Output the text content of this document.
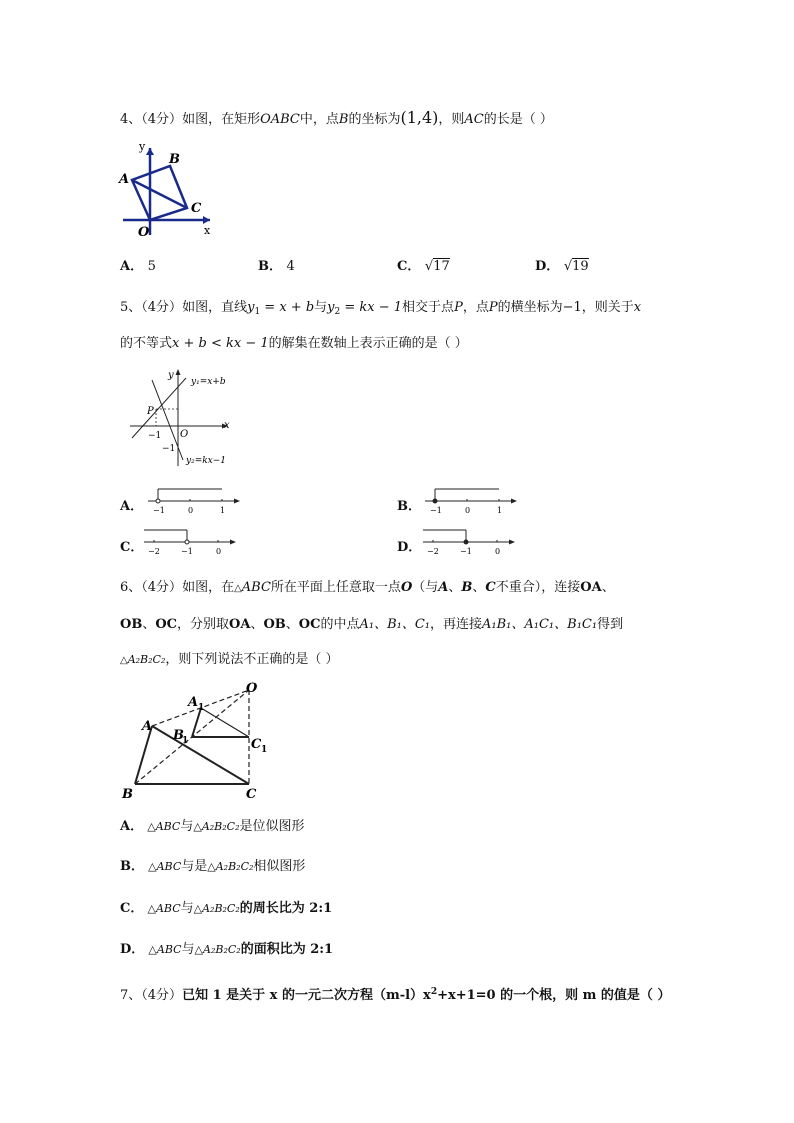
4、（4分）如图，在矩形OABC中，点B的坐标为(1,4)，则AC的长是（ ）
y
B
A
C
O	x
A． 5	B． 4	C． √17	D． √19
5、（4分）如图，直线$y_1 = x + b$与$y_2$ = kx − 1相交于点P，点P的横坐标为−1，则关于x
的不等式x + b < kx − 1的解集在数轴上表示正确的是（ ）
y
y₁=x+b
P
x
−1 O
−1
y₂=kx−1
A． −1	0	1	B． −1	0	1
C． −2	−1	0	D． −2	−1	0
6、（4分）如图，在△ABC所在平面上任意取一点O（与A、B、C不重合），连接OA、
OB、OC，分别取OA、OB、OC的中点A₁、B₁、C₁，再连接A₁B₁、A₁C₁、B₁C₁得到
△A₂B₂C₂，则下列说法不正确的是（ ）
O
A 1
A
B
1	C 1
B	C
A． △ABC与△A₂B₂C₂是位似图形
B． △ABC与是△A₂B₂C₂相似图形
C． △ABC与△A₂B₂C₂的周长比为 2:1
D． △ABC与△A₂B₂C₂的面积比为 2:1
7、（4分）已知 1 是关于 x 的一元二次方程$(m-l)x^2+x+1=0$ 的一个根，则 m 的值是（ ）
